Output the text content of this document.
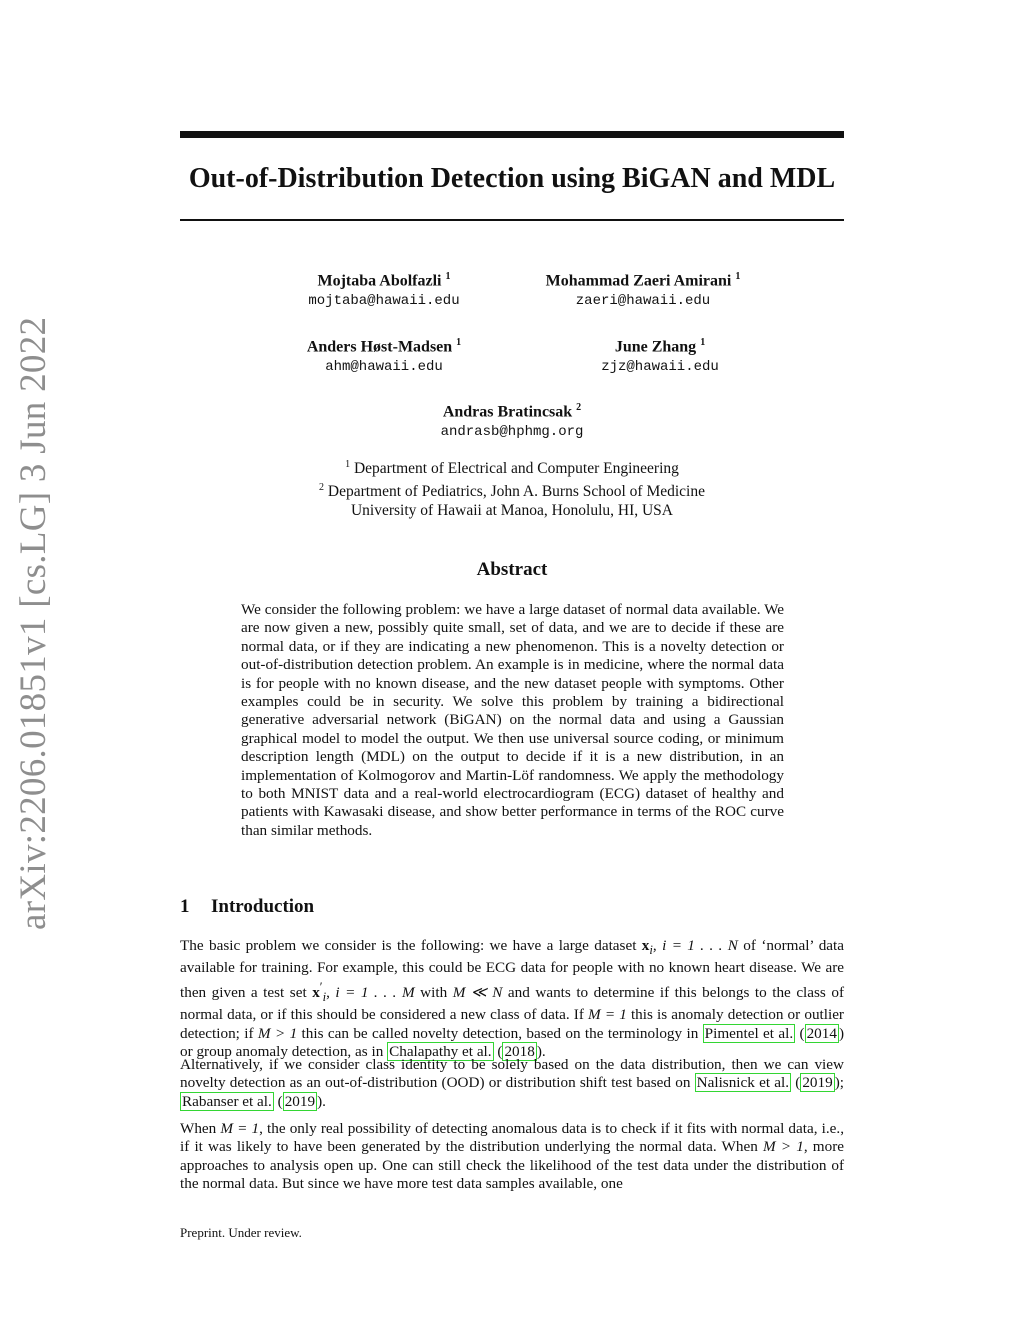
arXiv:2206.01851v1 [cs.LG] 3 Jun 2022
Out-of-Distribution Detection using BiGAN and MDL
Mojtaba Abolfazli $^1$
mojtaba@hawaii.edu
Mohammad Zaeri Amirani $^1$
zaeri@hawaii.edu
Anders Høst-Madsen $^1$
ahm@hawaii.edu
June Zhang $^1$
zjz@hawaii.edu
Andras Bratincsak $^2$
andrasb@hphmg.org
$^1$ Department of Electrical and Computer Engineering
$^2$ Department of Pediatrics, John A. Burns School of Medicine
University of Hawaii at Manoa, Honolulu, HI, USA
Abstract

We consider the following problem: we have a large dataset of normal data available. We are now given a new, possibly quite small, set of data, and we are to decide if these are normal data, or if they are indicating a new phenomenon. This is a novelty detection or out-of-distribution detection problem. An example is in medicine, where the normal data is for people with no known disease, and the new dataset people with symptoms. Other examples could be in security. We solve this problem by training a bidirectional generative adversarial network (BiGAN) on the normal data and using a Gaussian graphical model to model the output. We then use universal source coding, or minimum description length (MDL) on the output to decide if it is a new distribution, in an implementation of Kolmogorov and Martin-Löf randomness. We apply the methodology to both MNIST data and a real-world electrocardiogram (ECG) dataset of healthy and patients with Kawasaki disease, and show better performance in terms of the ROC curve than similar methods.

1 Introduction

The basic problem we consider is the following: we have a large dataset $x_i$, i = 1 . . . N of ‘normal’ data available for training. For example, this could be ECG data for people with no known heart disease. We are then given a test set $x'_i$, i = 1 . . . M with M ≪ N and wants to determine if this belongs to the class of normal data, or if this should be considered a new class of data. If M = 1 this is anomaly detection or outlier detection; if M > 1 this can be called novelty detection, based on the terminology in Pimentel et al. ( 2014 ) or group anomaly detection, as in Chalapathy et al. ( 2018 ).

Alternatively, if we consider class identity to be solely based on the data distribution, then we can view novelty detection as an out-of-distribution (OOD) or distribution shift test based on Nalisnick et al. ( 2019 ); Rabanser et al. ( 2019 ).

When M = 1, the only real possibility of detecting anomalous data is to check if it fits with normal data, i.e., if it was likely to have been generated by the distribution underlying the normal data. When M > 1, more approaches to analysis open up. One can still check the likelihood of the test data under the distribution of the normal data. But since we have more test data samples available, one

Preprint. Under review.
